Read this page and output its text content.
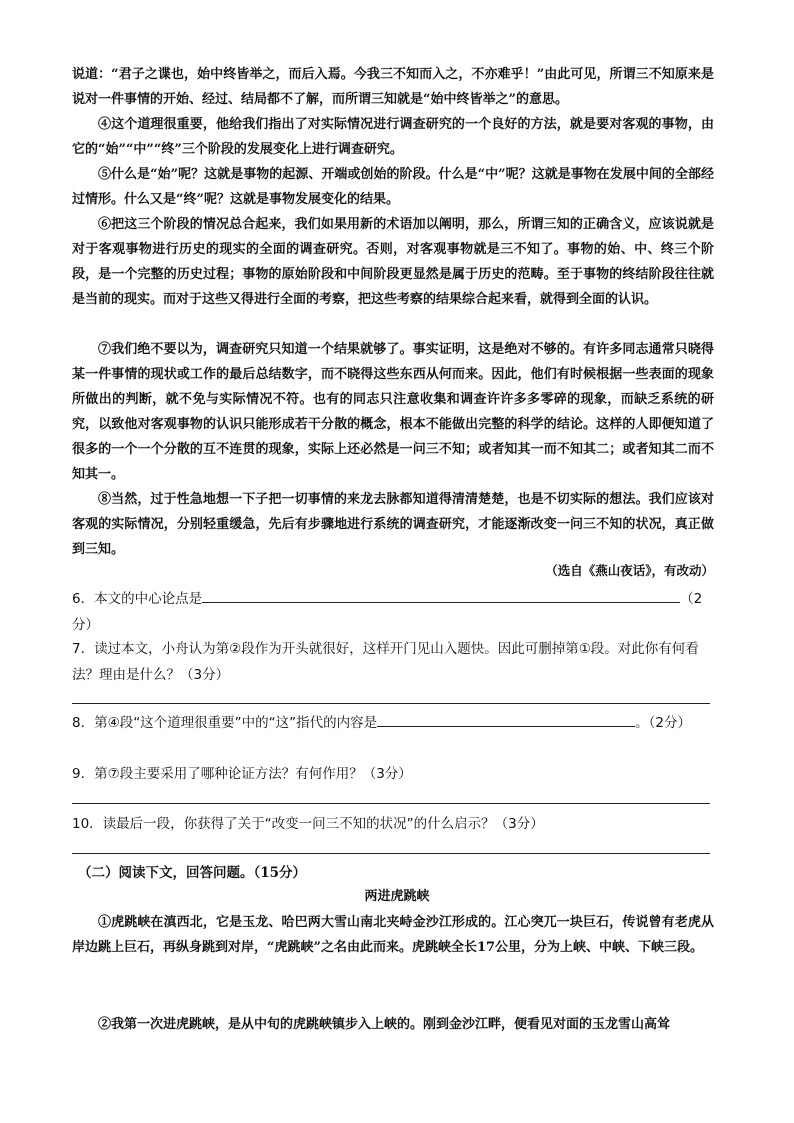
说道：“君子之谍也，始中终皆举之，而后入焉。今我三不知而入之，不亦难乎！”由此可见，所谓三不知原来是说对一件事情的开始、经过、结局都不了解，而所谓三知就是“始中终皆举之”的意思。
④这个道理很重要，他给我们指出了对实际情况进行调查研究的一个良好的方法，就是要对客观的事物，由它的“始”“中”“终”三个阶段的发展变化上进行调查研究。
⑤什么是“始”呢？这就是事物的起源、开端或创始的阶段。什么是“中”呢？这就是事物在发展中间的全部经过情形。什么又是“终”呢？这就是事物发展变化的结果。
⑥把这三个阶段的情况总合起来，我们如果用新的术语加以阐明，那么，所谓三知的正确含义，应该说就是对于客观事物进行历史的现实的全面的调查研究。否则，对客观事物就是三不知了。事物的始、中、终三个阶段，是一个完整的历史过程；事物的原始阶段和中间阶段更显然是属于历史的范畴。至于事物的终结阶段往往就是当前的现实。而对于这些又得进行全面的考察，把这些考察的结果综合起来看，就得到全面的认识。
⑦我们绝不要以为，调查研究只知道一个结果就够了。事实证明，这是绝对不够的。有许多同志通常只晓得某一件事情的现状或工作的最后总结数字，而不晓得这些东西从何而来。因此，他们有时候根据一些表面的现象所做出的判断，就不免与实际情况不符。也有的同志只注意收集和调查许许多多零碎的现象，而缺乏系统的研究，以致他对客观事物的认识只能形成若干分散的概念，根本不能做出完整的科学的结论。这样的人即便知道了很多的一个一个分散的互不连贯的现象，实际上还必然是一问三不知；或者知其一而不知其二；或者知其二而不知其一。
⑧当然，过于性急地想一下子把一切事情的来龙去脉都知道得清清楚楚，也是不切实际的想法。我们应该对客观的实际情况，分别轻重缓急，先后有步骤地进行系统的调查研究，才能逐渐改变一问三不知的状况，真正做到三知。
（选自《燕山夜话》，有改动）
6．本文的中心论点是	（2分）
7．读过本文，小舟认为第②段作为开头就很好，这样开门见山入题快。因此可删掉第①段。对此你有何看法？理由是什么？（3分）
8．第④段“这个道理很重要”中的“这”指代的内容是	。（2分）
9．第⑦段主要采用了哪种论证方法？有何作用？（3分）
10．读最后一段，你获得了关于“改变一问三不知的状况”的什么启示？（3分）
（二）阅读下文，回答问题。（15分）
两进虎跳峡
①虎跳峡在滇西北，它是玉龙、哈巴两大雪山南北夹峙金沙江形成的。江心突兀一块巨石，传说曾有老虎从岸边跳上巨石，再纵身跳到对岸，“虎跳峡”之名由此而来。虎跳峡全长17公里，分为上峡、中峡、下峡三段。
②我第一次进虎跳峡，是从中旬的虎跳峡镇步入上峡的。刚到金沙江畔，便看见对面的玉龙雪山高耸
